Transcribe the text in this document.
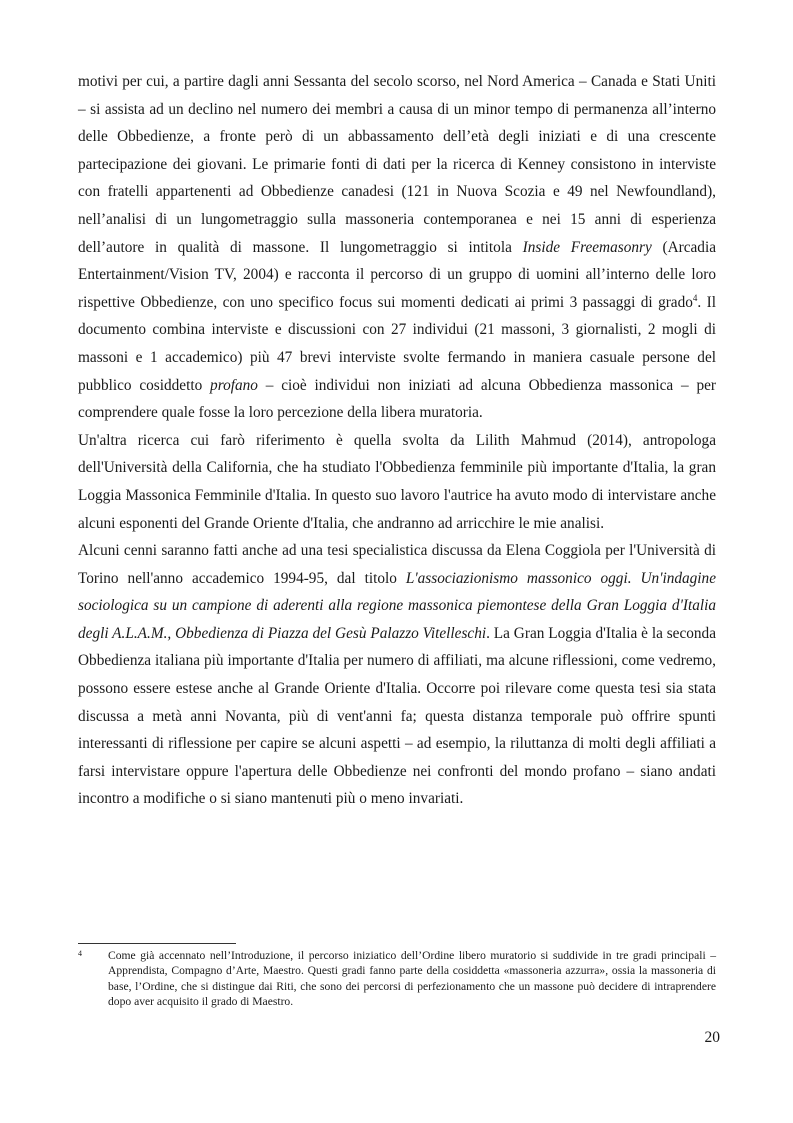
motivi per cui, a partire dagli anni Sessanta del secolo scorso, nel Nord America – Canada e Stati Uniti – si assista ad un declino nel numero dei membri a causa di un minor tempo di permanenza all’interno delle Obbedienze, a fronte però di un abbassamento dell’età degli iniziati e di una crescente partecipazione dei giovani. Le primarie fonti di dati per la ricerca di Kenney consistono in interviste con fratelli appartenenti ad Obbedienze canadesi (121 in Nuova Scozia e 49 nel Newfoundland), nell’analisi di un lungometraggio sulla massoneria contemporanea e nei 15 anni di esperienza dell’autore in qualità di massone. Il lungometraggio si intitola Inside Freemasonry (Arcadia Entertainment/Vision TV, 2004) e racconta il percorso di un gruppo di uomini all’interno delle loro rispettive Obbedienze, con uno specifico focus sui momenti dedicati ai primi 3 passaggi di grado$^4$. Il documento combina interviste e discussioni con 27 individui (21 massoni, 3 giornalisti, 2 mogli di massoni e 1 accademico) più 47 brevi interviste svolte fermando in maniera casuale persone del pubblico cosiddetto profano – cioè individui non iniziati ad alcuna Obbedienza massonica – per comprendere quale fosse la loro percezione della libera muratoria.

Un'altra ricerca cui farò riferimento è quella svolta da Lilith Mahmud (2014), antropologa dell'Università della California, che ha studiato l'Obbedienza femminile più importante d'Italia, la gran Loggia Massonica Femminile d'Italia. In questo suo lavoro l'autrice ha avuto modo di intervistare anche alcuni esponenti del Grande Oriente d'Italia, che andranno ad arricchire le mie analisi.

Alcuni cenni saranno fatti anche ad una tesi specialistica discussa da Elena Coggiola per l'Università di Torino nell'anno accademico 1994-95, dal titolo L'associazionismo massonico oggi. Un'indagine sociologica su un campione di aderenti alla regione massonica piemontese della Gran Loggia d'Italia degli A.L.A.M., Obbedienza di Piazza del Gesù Palazzo Vitelleschi. La Gran Loggia d'Italia è la seconda Obbedienza italiana più importante d'Italia per numero di affiliati, ma alcune riflessioni, come vedremo, possono essere estese anche al Grande Oriente d'Italia. Occorre poi rilevare come questa tesi sia stata discussa a metà anni Novanta, più di vent'anni fa; questa distanza temporale può offrire spunti interessanti di riflessione per capire se alcuni aspetti – ad esempio, la riluttanza di molti degli affiliati a farsi intervistare oppure l'apertura delle Obbedienze nei confronti del mondo profano – siano andati incontro a modifiche o si siano mantenuti più o meno invariati.

4	Come già accennato nell’Introduzione, il percorso iniziatico dell’Ordine libero muratorio si suddivide in tre gradi principali – Apprendista, Compagno d’Arte, Maestro. Questi gradi fanno parte della cosiddetta «massoneria azzurra», ossia la massoneria di base, l’Ordine, che si distingue dai Riti, che sono dei percorsi di perfezionamento che un massone può decidere di intraprendere dopo aver acquisito il grado di Maestro.
20
